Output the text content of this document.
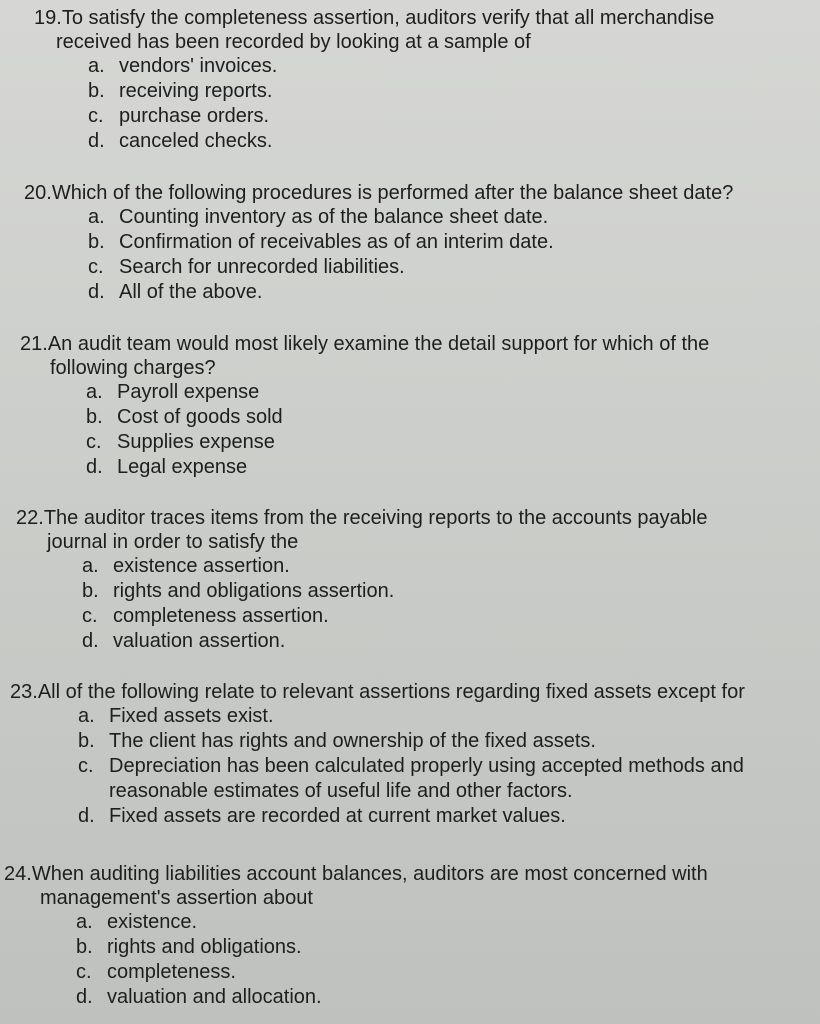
19.To satisfy the completeness assertion, auditors verify that all merchandise
received has been recorded by looking at a sample of
a. vendors' invoices.
b. receiving reports.
c. purchase orders.
d. canceled checks.
20.Which of the following procedures is performed after the balance sheet date?
a. Counting inventory as of the balance sheet date.
b. Confirmation of receivables as of an interim date.
c. Search for unrecorded liabilities.
d. All of the above.
21.An audit team would most likely examine the detail support for which of the
following charges?
a. Payroll expense
b. Cost of goods sold
c. Supplies expense
d. Legal expense
22.The auditor traces items from the receiving reports to the accounts payable
journal in order to satisfy the
a. existence assertion.
b. rights and obligations assertion.
c. completeness assertion.
d. valuation assertion.
23.All of the following relate to relevant assertions regarding fixed assets except for
a. Fixed assets exist.
b. The client has rights and ownership of the fixed assets.
c. Depreciation has been calculated properly using accepted methods and reasonable estimates of useful life and other factors.
d. Fixed assets are recorded at current market values.
24.When auditing liabilities account balances, auditors are most concerned with
management's assertion about
a. existence.
b. rights and obligations.
c. completeness.
d. valuation and allocation.
